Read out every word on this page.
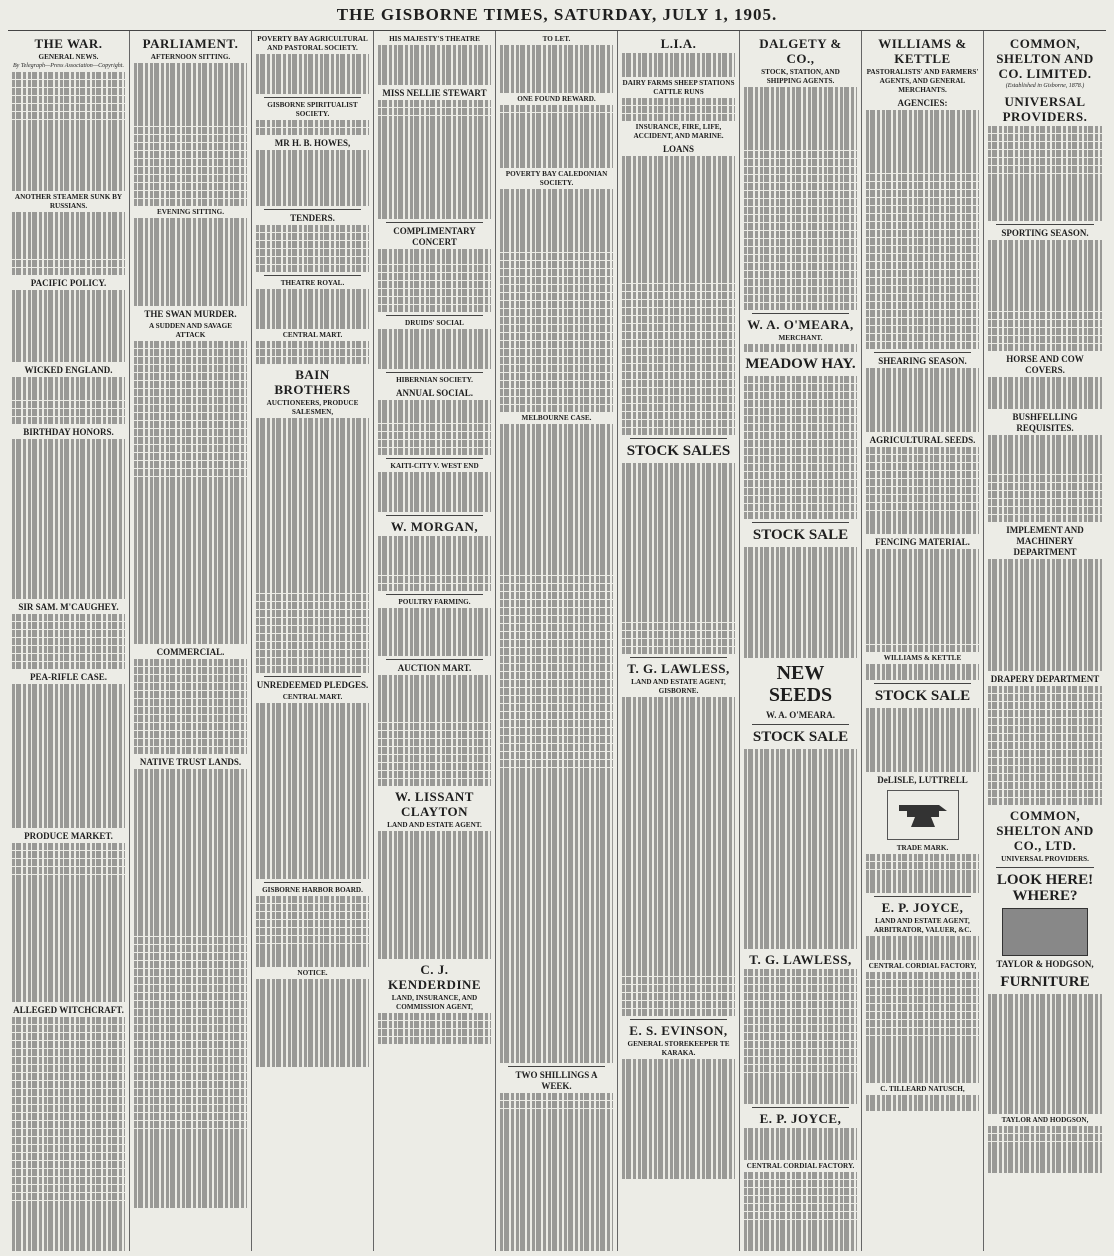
THE GISBORNE TIMES, SATURDAY, JULY 1, 1905.
THE WAR.
GENERAL NEWS.
By Telegraph—Press Association—Copyright.
ANOTHER STEAMER SUNK BY RUSSIANS.
PACIFIC POLICY.
WICKED ENGLAND.
BIRTHDAY HONORS.
SIR SAM. M'CAUGHEY.
PEA-RIFLE CASE.
PRODUCE MARKET.
ALLEGED WITCHCRAFT.
PARLIAMENT.
AFTERNOON SITTING.
EVENING SITTING.
THE SWAN MURDER.
A SUDDEN AND SAVAGE ATTACK
COMMERCIAL.
NATIVE TRUST LANDS.
POVERTY BAY AGRICULTURAL AND PASTORAL SOCIETY.
GISBORNE SPIRITUALIST SOCIETY.
MR H. B. HOWES,
TENDERS.
THEATRE ROYAL.
CENTRAL MART.
BAIN BROTHERS
AUCTIONEERS, PRODUCE SALESMEN,
UNREDEEMED PLEDGES.
CENTRAL MART.
GISBORNE HARBOR BOARD.
NOTICE.
HIS MAJESTY'S THEATRE
MISS NELLIE STEWART
COMPLIMENTARY CONCERT
DRUIDS' SOCIAL
HIBERNIAN SOCIETY.
ANNUAL SOCIAL.
KAITI-CITY V. WEST END
W. MORGAN,
POULTRY FARMING.
AUCTION MART.
W. LISSANT CLAYTON
LAND AND ESTATE AGENT.
C. J. KENDERDINE
LAND, INSURANCE, AND COMMISSION AGENT,
TO LET.
ONE FOUND REWARD.
POVERTY BAY CALEDONIAN SOCIETY.
MELBOURNE CASE.
TWO SHILLINGS A WEEK.
L.I.A.
DAIRY FARMS SHEEP STATIONS CATTLE RUNS
INSURANCE, FIRE, LIFE, ACCIDENT, AND MARINE.
LOANS
STOCK SALES
T. G. LAWLESS,
LAND AND ESTATE AGENT, GISBORNE.
E. S. EVINSON,
GENERAL STOREKEEPER TE KARAKA.
DALGETY & CO.,
STOCK, STATION, AND SHIPPING AGENTS.
W. A. O'MEARA,
MERCHANT.
MEADOW HAY.
STOCK SALE
NEW SEEDS
W. A. O'MEARA.
STOCK SALE
T. G. LAWLESS,
E. P. JOYCE,
CENTRAL CORDIAL FACTORY.
WILLIAMS & KETTLE
PASTORALISTS' AND FARMERS' AGENTS, AND GENERAL MERCHANTS.
AGENCIES:
SHEARING SEASON.
AGRICULTURAL SEEDS.
FENCING MATERIAL.
WILLIAMS & KETTLE
STOCK SALE
DeLISLE, LUTTRELL
TRADE MARK.
E. P. JOYCE,
LAND AND ESTATE AGENT, ARBITRATOR, VALUER, &C.
CENTRAL CORDIAL FACTORY,
C. TILLEARD NATUSCH,
COMMON, SHELTON AND CO. LIMITED.
(Established in Gisborne, 1878.)
UNIVERSAL PROVIDERS.
SPORTING SEASON.
HORSE AND COW COVERS.
BUSHFELLING REQUISITES.
IMPLEMENT AND MACHINERY DEPARTMENT
DRAPERY DEPARTMENT
COMMON, SHELTON AND CO., LTD.
UNIVERSAL PROVIDERS.
LOOK HERE! WHERE?
TAYLOR & HODGSON,
FURNITURE
TAYLOR AND HODGSON,
